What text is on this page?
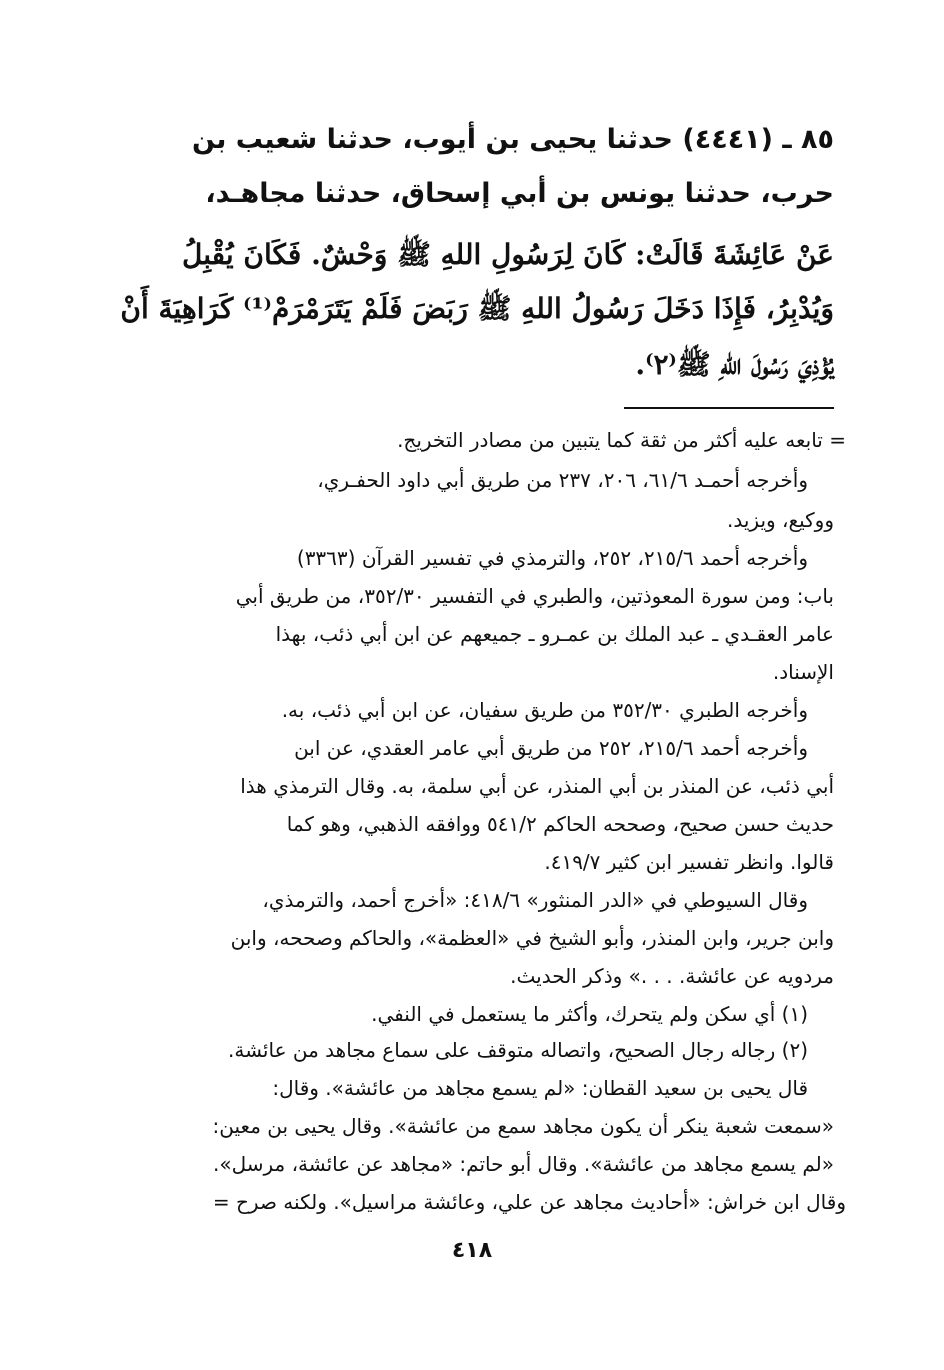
٨٥ ـ (٤٤٤١) حدثنا يحيى بن أيوب، حدثنا شعيب بن
حرب، حدثنا يونس بن أبي إسحاق، حدثنا مجاهـد،
عَنْ عَائِشَةَ قَالَتْ: كَانَ لِرَسُولِ اللهِ ﷺ وَحْشٌ. فَكَانَ يُقْبِلُ
وَيُدْبِرُ، فَإِذَا دَخَلَ رَسُولُ اللهِ ﷺ رَبَضَ فَلَمْ يَتَرَمْرَمْ⁽¹⁾ كَرَاهِيَةَ أَنْ
يُؤْذِيَ رَسُولَ اللهِ ﷺ⁽٢⁾.
= تابعه عليه أكثر من ثقة كما يتبين من مصادر التخريج.
وأخرجه أحمـد ٦١/٦، ٢٠٦، ٢٣٧ من طريق أبي داود الحفـري،
ووكيع، ويزيد.
وأخرجه أحمد ٢١٥/٦، ٢٥٢، والترمذي في تفسير القرآن (٣٣٦٣)
باب: ومن سورة المعوذتين، والطبري في التفسير ٣٥٢/٣٠، من طريق أبي
عامر العقـدي ـ عبد الملك بن عمـرو ـ جميعهم عن ابن أبي ذئب، بهذا
الإسناد.
وأخرجه الطبري ٣٥٢/٣٠ من طريق سفيان، عن ابن أبي ذئب، به.
وأخرجه أحمد ٢١٥/٦، ٢٥٢ من طريق أبي عامر العقدي، عن ابن
أبي ذئب، عن المنذر بن أبي المنذر، عن أبي سلمة، به. وقال الترمذي هذا
حديث حسن صحيح، وصححه الحاكم ٥٤١/٢ ووافقه الذهبي، وهو كما
قالوا. وانظر تفسير ابن كثير ٤١٩/٧.
وقال السيوطي في «الدر المنثور» ٤١٨/٦: «أخرج أحمد، والترمذي،
وابن جرير، وابن المنذر، وأبو الشيخ في «العظمة»، والحاكم وصححه، وابن
مردويه عن عائشة. . . .» وذكر الحديث.
(١) أي سكن ولم يتحرك، وأكثر ما يستعمل في النفي.
(٢) رجاله رجال الصحيح، واتصاله متوقف على سماع مجاهد من عائشة.
قال يحيى بن سعيد القطان: «لم يسمع مجاهد من عائشة». وقال:
«سمعت شعبة ينكر أن يكون مجاهد سمع من عائشة». وقال يحيى بن معين:
«لم يسمع مجاهد من عائشة». وقال أبو حاتم: «مجاهد عن عائشة، مرسل».
وقال ابن خراش: «أحاديث مجاهد عن علي، وعائشة مراسيل». ولكنه صرح =
٤١٨
